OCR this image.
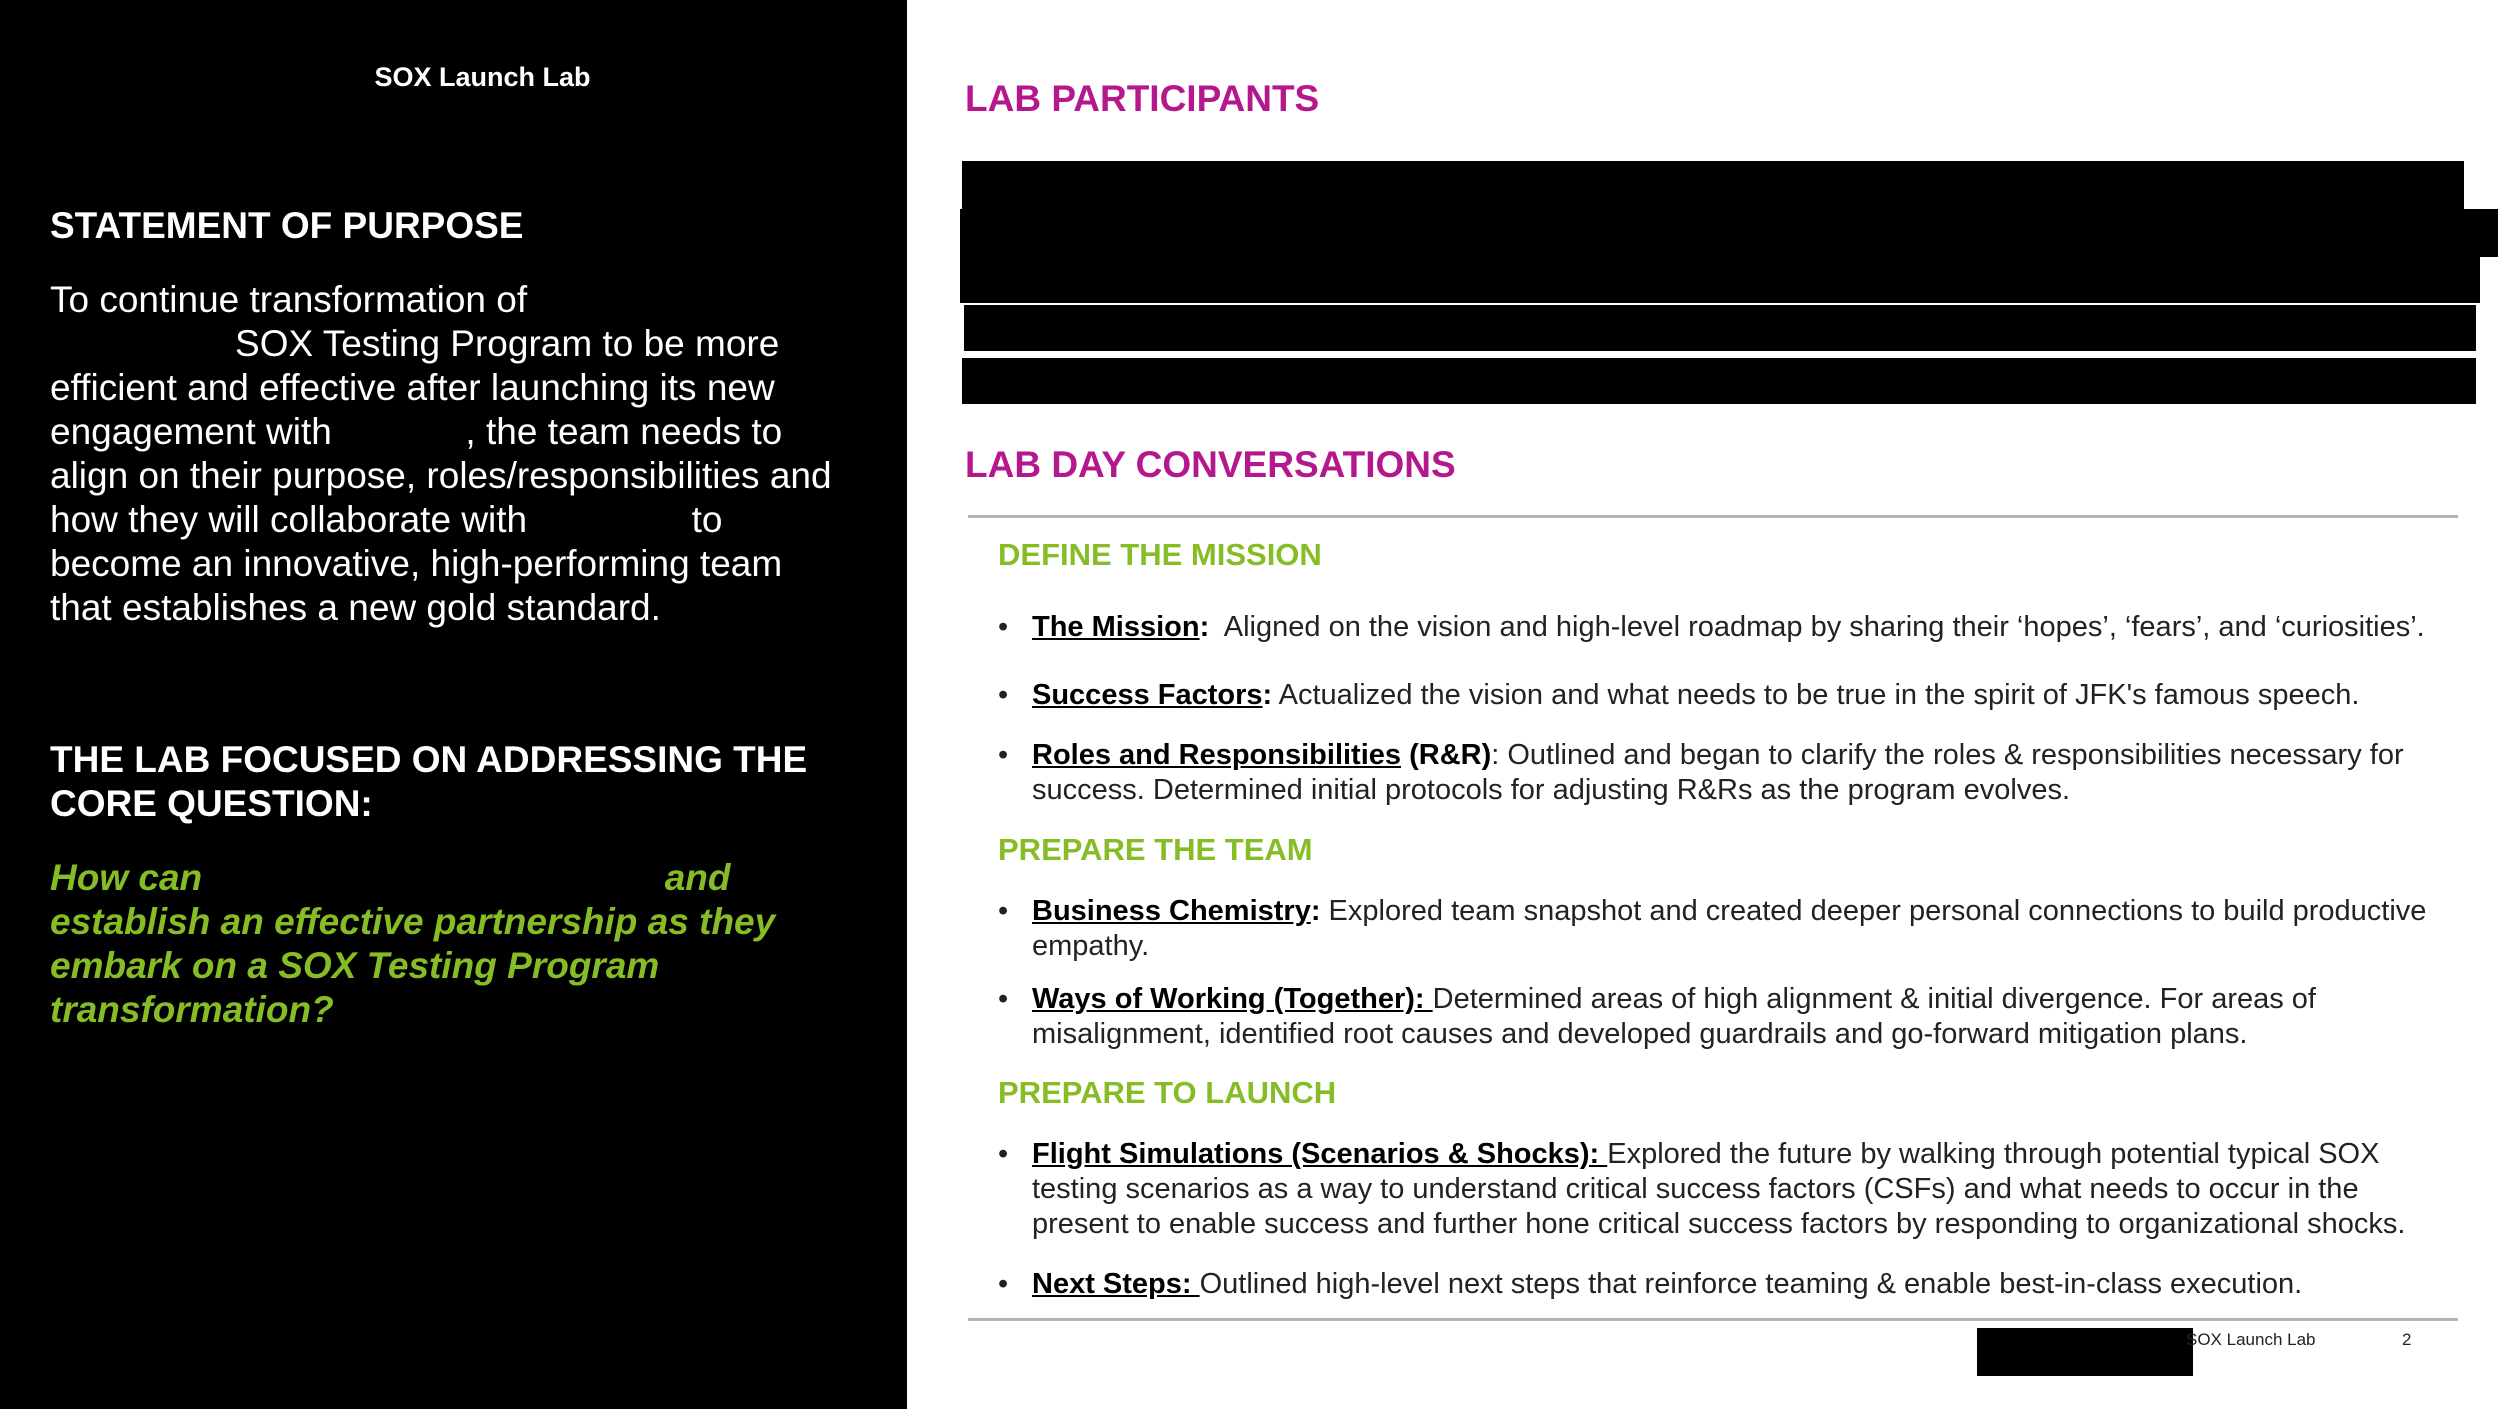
SOX Launch Lab
STATEMENT OF PURPOSE
To continue transformation of
SOX Testing Program to be more
efficient and effective after launching its new
engagement with             , the team needs to
align on their purpose, roles/responsibilities and
how they will collaborate with                to
become an innovative, high-performing team
that establishes a new gold standard.
THE LAB FOCUSED ON ADDRESSING THE
CORE QUESTION:
How can                                             and
establish an effective partnership as they
embark on a SOX Testing Program
transformation?
LAB PARTICIPANTS
LAB DAY CONVERSATIONS
DEFINE THE MISSION
• The Mission:  Aligned on the vision and high-level roadmap by sharing their ‘hopes’, ‘fears’, and ‘curiosities’.
• Success Factors: Actualized the vision and what needs to be true in the spirit of JFK's famous speech.
• Roles and Responsibilities (R&R): Outlined and began to clarify the roles & responsibilities necessary for
success. Determined initial protocols for adjusting R&Rs as the program evolves.
PREPARE THE TEAM
• Business Chemistry: Explored team snapshot and created deeper personal connections to build productive
empathy.
• Ways of Working (Together): Determined areas of high alignment & initial divergence. For areas of
misalignment, identified root causes and developed guardrails and go-forward mitigation plans.
PREPARE TO LAUNCH
• Flight Simulations (Scenarios & Shocks): Explored the future by walking through potential typical SOX
testing scenarios as a way to understand critical success factors (CSFs) and what needs to occur in the
present to enable success and further hone critical success factors by responding to organizational shocks.
• Next Steps: Outlined high-level next steps that reinforce teaming & enable best-in-class execution.
SOX Launch Lab	2
